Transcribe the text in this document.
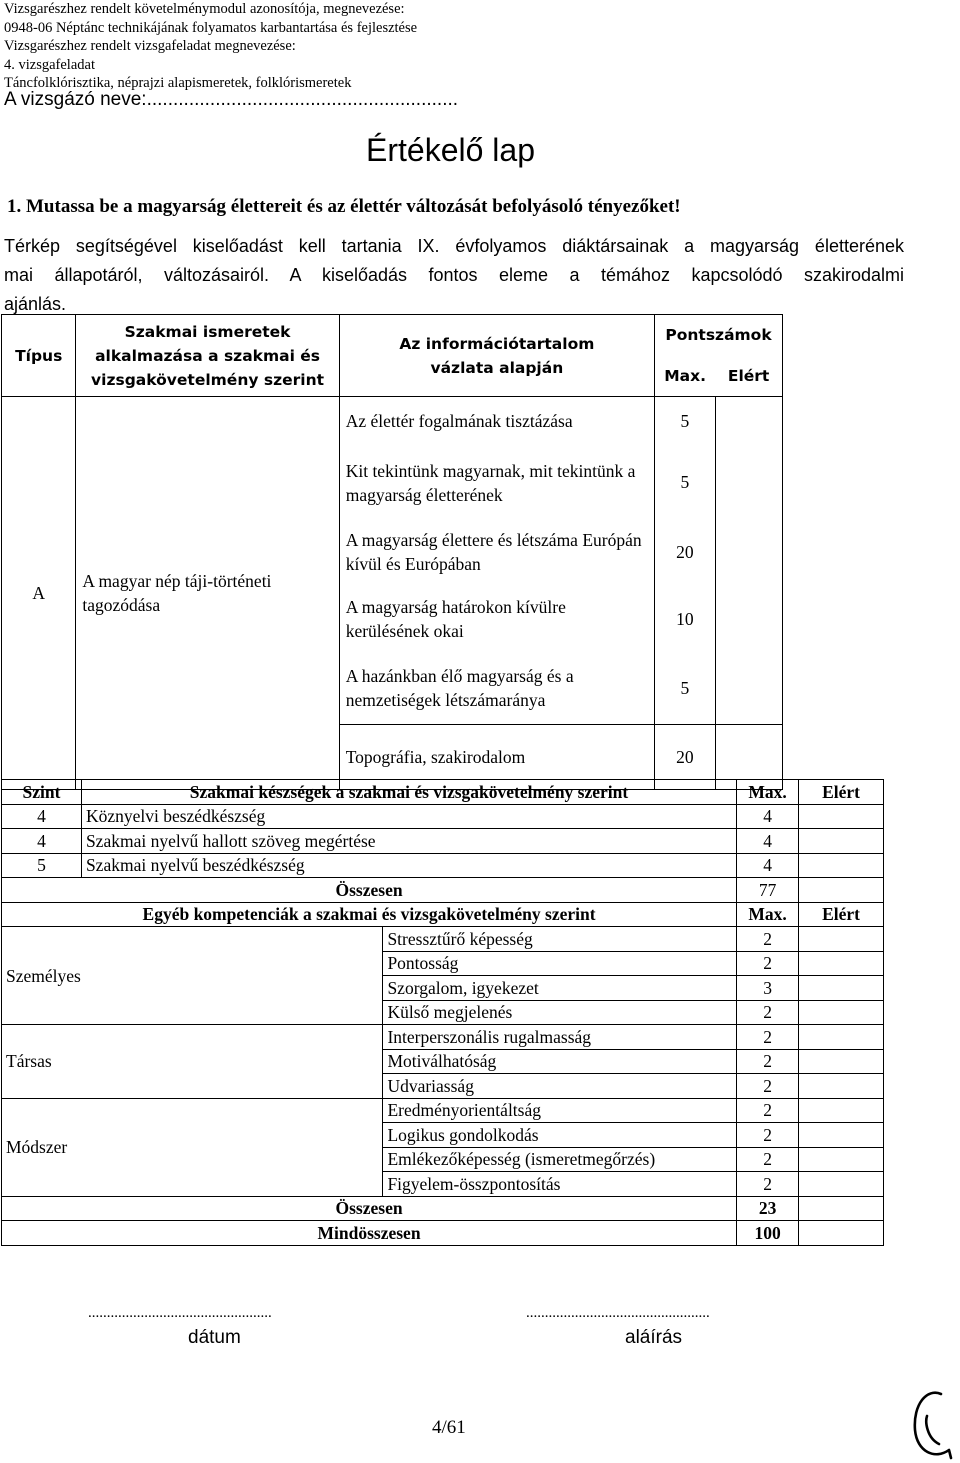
Vizsgarészhez rendelt követelménymodul azonosítója, megnevezése:
0948-06 Néptánc technikájának folyamatos karbantartása és fejlesztése
Vizsgarészhez rendelt vizsgafeladat megnevezése:
4. vizsgafeladat
Táncfolklórisztika, néprajzi alapismeretek, folklórismeretek
A vizsgázó neve:...........................................................
Értékelő lap
1. Mutassa be a magyarság élettereit és az élettér változását befolyásoló tényezőket!
Térkép segítségével kiselőadást kell tartania IX. évfolyamos diáktársainak a magyarság életterének
mai állapotáról, változásairól. A kiselőadás fontos eleme a témához kapcsolódó szakirodalmi
ajánlás.
Típus	Szakmai ismeretek alkalmazása a szakmai és vizsgakövetelmény szerint	Az információtartalom vázlata alapján	Pontszámok	
			Max.	Elért
A	A magyar nép táji-történeti tagozódása	Az élettér fogalmának tisztázása	5	
		Kit tekintünk magyarnak, mit tekintünk a magyarság életterének	5	
		A magyarság élettere és létszáma Európán kívül és Európában	20	
		A magyarság határokon kívülre kerülésének okai	10	
		A hazánkban élő magyarság és a nemzetiségek létszámaránya	5	
		Topográfia, szakirodalom	20	
Szint	Szakmai készségek a szakmai és vizsgakövetelmény szerint		Max.	Elért
4	Köznyelvi beszédkészség		4	
4	Szakmai nyelvű hallott szöveg megértése		4	
5	Szakmai nyelvű beszédkészség		4	
Összesen			77	
Egyéb kompetenciák a szakmai és vizsgakövetelmény szerint			Max.	Elért
Személyes		Stressztűrő képesség	2	
		Pontosság	2	
		Szorgalom, igyekezet	3	
		Külső megjelenés	2	
Társas		Interperszonális rugalmasság	2	
		Motiválhatóság	2	
		Udvariasság	2	
Módszer		Eredményorientáltság	2	
		Logikus gondolkodás	2	
		Emlékezőképesség (ismeretmegőrzés)	2	
		Figyelem-összpontosítás	2	
Összesen			23	
Mindösszesen			100	
.................................................
dátum
.................................................
aláírás
4/61
